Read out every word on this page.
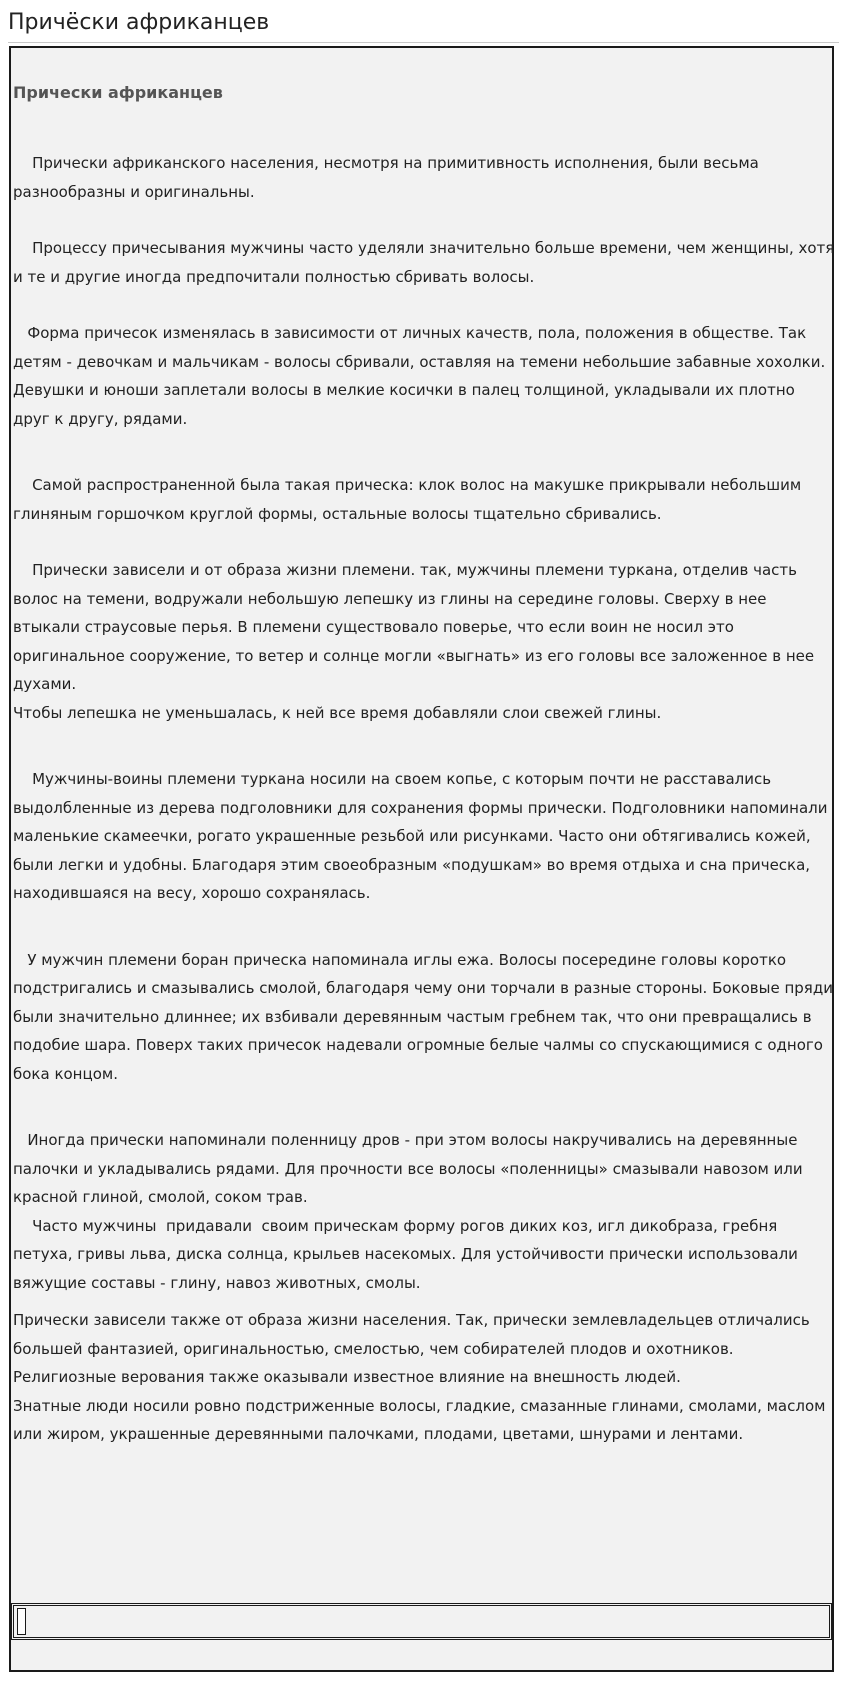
Причёски африканцев
Прически африканцев

Прически африканского населения, несмотря на примитивность исполнения, были весьма разнообразны и оригинальны.

Процессу причесывания мужчины часто уделяли значительно больше времени, чем женщины, хотя и те и другие иногда предпочитали полностью сбривать волосы.

Форма причесок изменялась в зависимости от личных качеств, пола, положения в обществе. Так детям - девочкам и мальчикам - волосы сбривали, оставляя на темени небольшие забавные хохолки. Девушки и юноши заплетали волосы в мелкие косички в палец толщиной, укладывали их плотно друг к другу, рядами.

Самой распространенной была такая прическа: клок волос на макушке прикрывали небольшим глиняным горшочком круглой формы, остальные волосы тщательно сбривались.

Прически зависели и от образа жизни племени. так, мужчины племени туркана, отделив часть волос на темени, водружали небольшую лепешку из глины на середине головы. Сверху в нее втыкали страусовые перья. В племени существовало поверье, что если воин не носил это оригинальное сооружение, то ветер и солнце могли «выгнать» из его головы все заложенное в нее духами.
Чтобы лепешка не уменьшалась, к ней все время добавляли слои свежей глины.

Мужчины-воины племени туркана носили на своем копье, с которым почти не расставались выдолбленные из дерева подголовники для сохранения формы прически. Подголовники напоминали маленькие скамеечки, рогато украшенные резьбой или рисунками. Часто они обтягивались кожей, были легки и удобны. Благодаря этим своеобразным «подушкам» во время отдыха и сна прическа, находившаяся на весу, хорошо сохранялась.

У мужчин племени боран прическа напоминала иглы ежа. Волосы посередине головы коротко подстригались и смазывались смолой, благодаря чему они торчали в разные стороны. Боковые пряди были значительно длиннее; их взбивали деревянным частым гребнем так, что они превращались в подобие шара. Поверх таких причесок надевали огромные белые чалмы со спускающимися с одного бока концом.

Иногда прически напоминали поленницу дров - при этом волосы накручивались на деревянные палочки и укладывались рядами. Для прочности все волосы «поленницы» смазывали навозом или красной глиной, смолой, соком трав.
Часто мужчины  придавали  своим прическам форму рогов диких коз, игл дикобраза, гребня петуха, гривы льва, диска солнца, крыльев насекомых. Для устойчивости прически использовали  вяжущие составы - глину, навоз животных, смолы.

Прически зависели также от образа жизни населения. Так, прически землевладельцев отличались  большей фантазией, оригинальностью, смелостью, чем собирателей плодов и охотников. Религиозные верования также оказывали известное влияние на внешность людей.
Знатные люди носили ровно подстриженные волосы, гладкие, смазанные глинами, смолами, маслом или жиром, украшенные деревянными палочками, плодами, цветами, шнурами и лентами.
